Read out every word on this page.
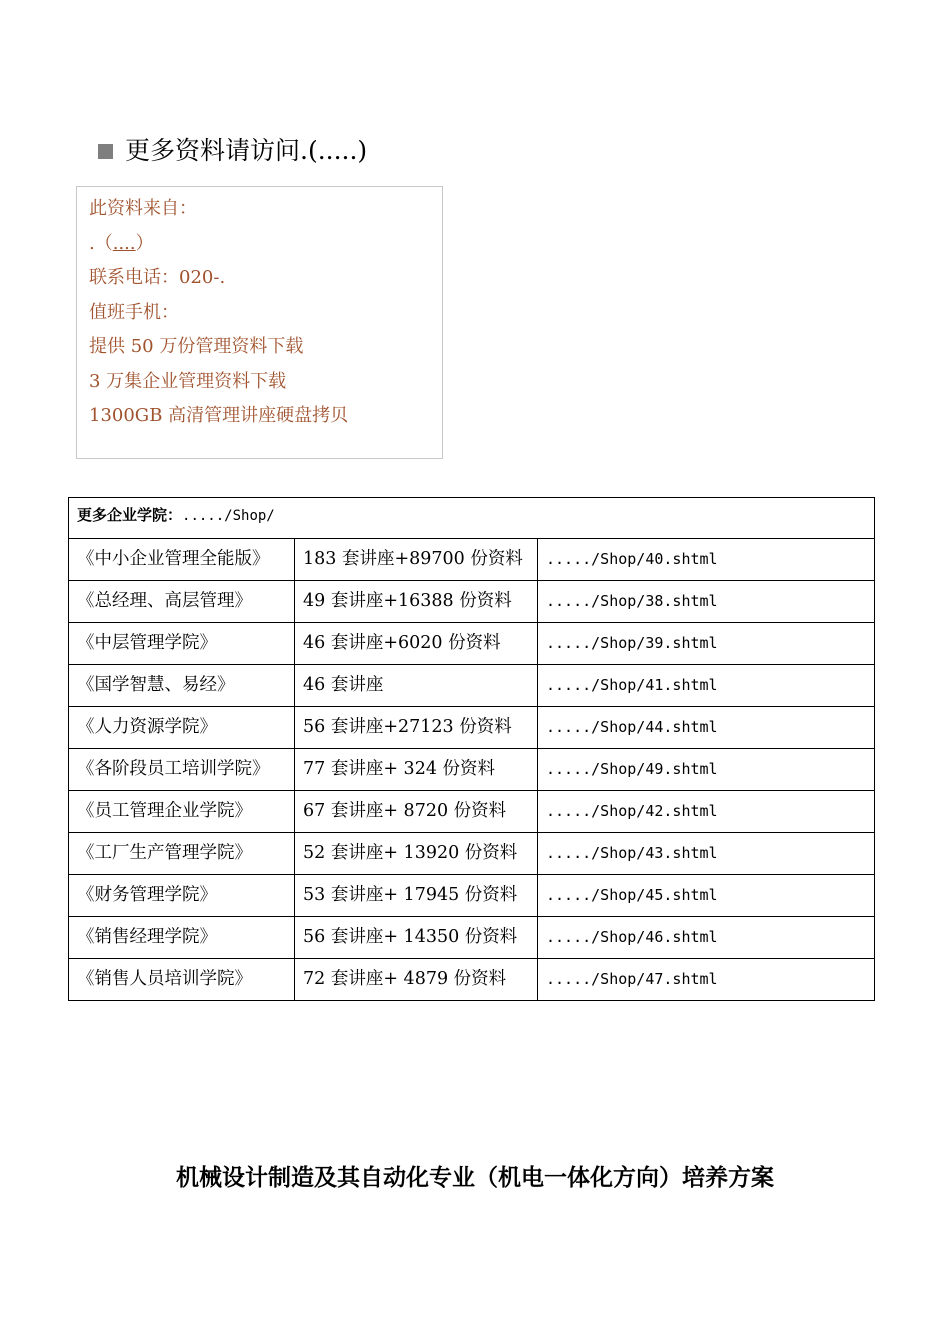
更多资料请访问.(.....)
此资料来自：
.（....）
联系电话：020-.
值班手机：
提供 50 万份管理资料下载
3 万集企业管理资料下载
1300GB 高清管理讲座硬盘拷贝
更多企业学院：...../Shop/		
《中小企业管理全能版》	183 套讲座+89700 份资料	...../Shop/40.shtml
《总经理、高层管理》	49 套讲座+16388 份资料	...../Shop/38.shtml
《中层管理学院》	46 套讲座+6020 份资料	...../Shop/39.shtml
《国学智慧、易经》	46 套讲座	...../Shop/41.shtml
《人力资源学院》	56 套讲座+27123 份资料	...../Shop/44.shtml
《各阶段员工培训学院》	77 套讲座+ 324 份资料	...../Shop/49.shtml
《员工管理企业学院》	67 套讲座+ 8720 份资料	...../Shop/42.shtml
《工厂生产管理学院》	52 套讲座+ 13920 份资料	...../Shop/43.shtml
《财务管理学院》	53 套讲座+ 17945 份资料	...../Shop/45.shtml
《销售经理学院》	56 套讲座+ 14350 份资料	...../Shop/46.shtml
《销售人员培训学院》	72 套讲座+ 4879 份资料	...../Shop/47.shtml
机械设计制造及其自动化专业（机电一体化方向）培养方案
